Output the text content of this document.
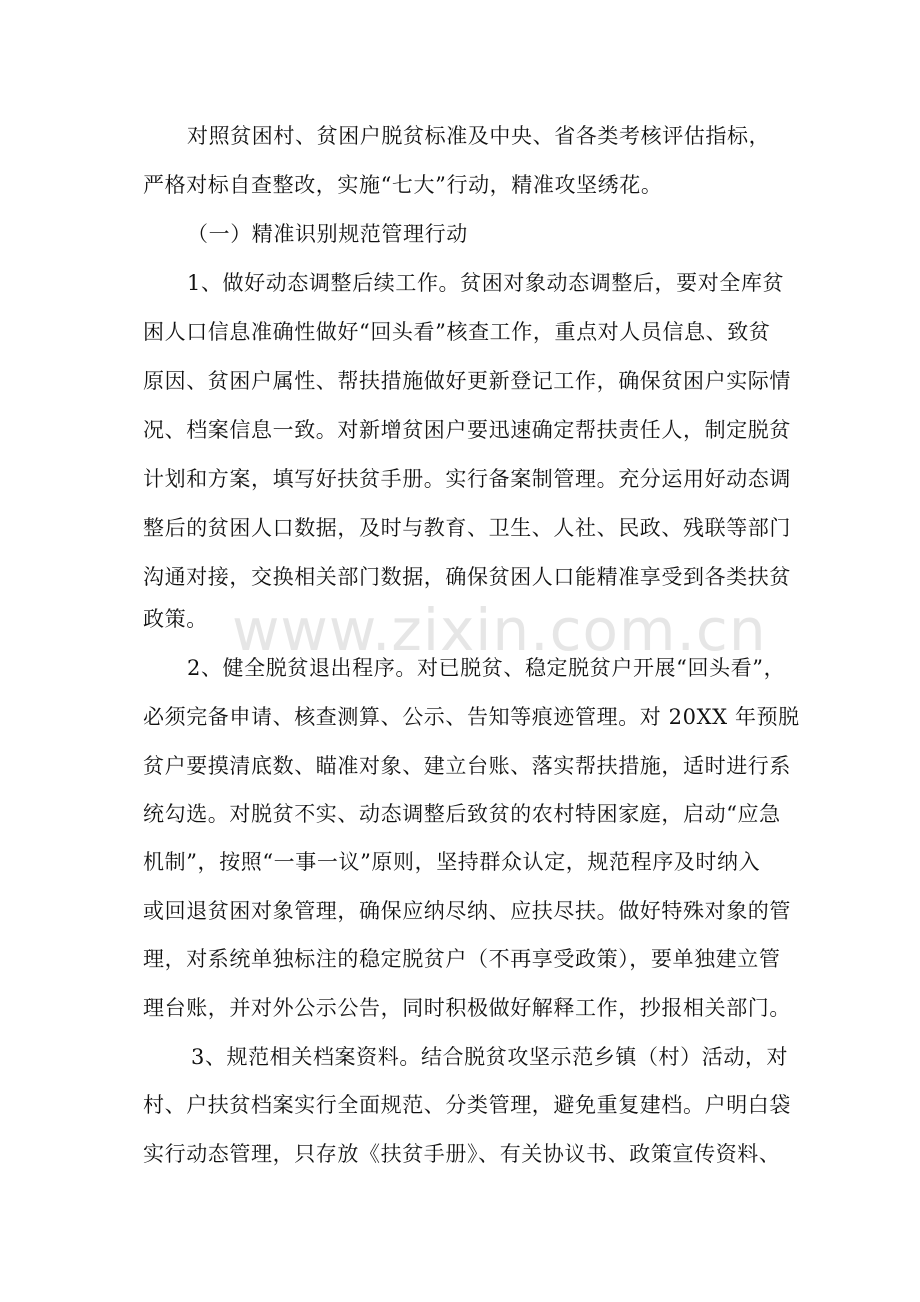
对照贫困村、贫困户脱贫标准及中央、省各类考核评估指标，
严格对标自查整改，实施“七大”行动，精准攻坚绣花。
（一）精准识别规范管理行动
1、做好动态调整后续工作。贫困对象动态调整后，要对全库贫
困人口信息准确性做好“回头看”核查工作，重点对人员信息、致贫
原因、贫困户属性、帮扶措施做好更新登记工作，确保贫困户实际情
况、档案信息一致。对新增贫困户要迅速确定帮扶责任人，制定脱贫
计划和方案，填写好扶贫手册。实行备案制管理。充分运用好动态调
整后的贫困人口数据，及时与教育、卫生、人社、民政、残联等部门
沟通对接，交换相关部门数据，确保贫困人口能精准享受到各类扶贫
政策。
2、健全脱贫退出程序。对已脱贫、稳定脱贫户开展“回头看”，
必须完备申请、核查测算、公示、告知等痕迹管理。对 20XX 年预脱
贫户要摸清底数、瞄准对象、建立台账、落实帮扶措施，适时进行系
统勾选。对脱贫不实、动态调整后致贫的农村特困家庭，启动“应急
机制”，按照“一事一议”原则，坚持群众认定，规范程序及时纳入
或回退贫困对象管理，确保应纳尽纳、应扶尽扶。做好特殊对象的管
理，对系统单独标注的稳定脱贫户（不再享受政策），要单独建立管
理台账，并对外公示公告，同时积极做好解释工作，抄报相关部门。
3、规范相关档案资料。结合脱贫攻坚示范乡镇（村）活动，对
村、户扶贫档案实行全面规范、分类管理，避免重复建档。户明白袋
实行动态管理，只存放《扶贫手册》、有关协议书、政策宣传资料、
www.zixin.com.cn
